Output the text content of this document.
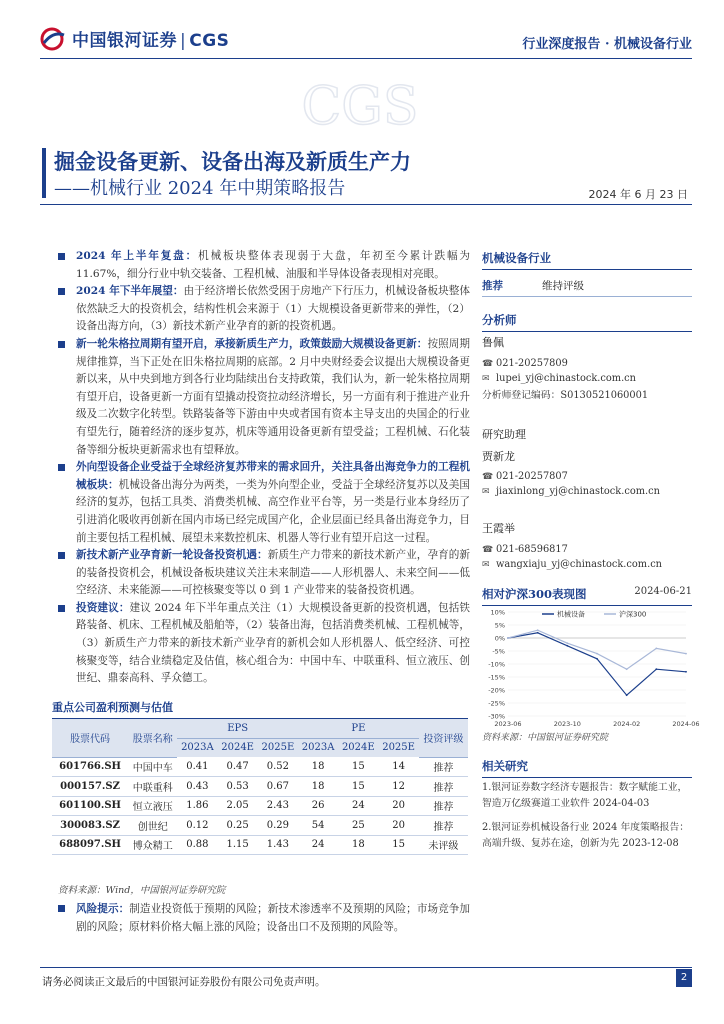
中国银河证券 | CGS	行业深度报告 · 机械设备行业
CGS
掘金设备更新、设备出海及新质生产力
——机械行业 2024 年中期策略报告	2024 年 6 月 23 日

2024 年上半年复盘：机械板块整体表现弱于大盘，年初至今累计跌幅为 11.67%，细分行业中轨交装备、工程机械、油服和半导体设备表现相对亮眼。

2024 年下半年展望：由于经济增长依然受困于房地产下行压力，机械设备板块整体依然缺乏大的投资机会，结构性机会来源于（1）大规模设备更新带来的弹性，（2）设备出海方向，（3）新技术新产业孕育的新的投资机遇。

新一轮朱格拉周期有望开启，承接新质生产力，政策鼓励大规模设备更新：按照周期规律推算，当下正处在旧朱格拉周期的底部。2 月中央财经委会议提出大规模设备更新以来，从中央到地方到各行业均陆续出台支持政策，我们认为，新一轮朱格拉周期有望开启，设备更新一方面有望撬动投资拉动经济增长，另一方面有利于推进产业升级及二次数字化转型。铁路装备等下游由中央或者国有资本主导支出的央国企的行业有望先行，随着经济的逐步复苏，机床等通用设备更新有望受益；工程机械、石化装备等细分板块更新需求也有望释放。

外向型设备企业受益于全球经济复苏带来的需求回升，关注具备出海竞争力的工程机械板块：机械设备出海分为两类，一类为外向型企业，受益于全球经济复苏以及美国经济的复苏，包括工具类、消费类机械、高空作业平台等，另一类是行业本身经历了引进消化吸收再创新在国内市场已经完成国产化，企业层面已经具备出海竞争力，目前主要包括工程机械、展望未来数控机床、机器人等行业有望开启这一过程。

新技术新产业孕育新一轮设备投资机遇：新质生产力带来的新技术新产业，孕育的新的装备投资机会，机械设备板块建议关注未来制造——人形机器人、未来空间——低空经济、未来能源——可控核聚变等以 0 到 1 产业带来的装备投资机遇。

投资建议：建议 2024 年下半年重点关注（1）大规模设备更新的投资机遇，包括铁路装备、机床、工程机械及船舶等，（2）装备出海，包括消费类机械、工程机械等，（3）新质生产力带来的新技术新产业孕育的新机会如人形机器人、低空经济、可控核聚变等，结合业绩稳定及估值，核心组合为：中国中车、中联重科、恒立液压、创世纪、鼎泰高科、孚众德工。

重点公司盈利预测与估值
股票代码	股票名称	EPS			PE			投资评级
		2023A	2024E	2025E	2023A	2024E	2025E	
601766.SH	中国中车	0.41	0.47	0.52	18	15	14	推荐
000157.SZ	中联重科	0.43	0.53	0.67	18	15	12	推荐
601100.SH	恒立液压	1.86	2.05	2.43	26	24	20	推荐
300083.SZ	创世纪	0.12	0.25	0.29	54	25	20	推荐
688097.SH	博众精工	0.88	1.15	1.43	24	18	15	未评级
资料来源：Wind，中国银河证券研究院

风险提示：制造业投资低于预期的风险；新技术渗透率不及预期的风险；市场竞争加剧的风险；原材料价格大幅上涨的风险；设备出口不及预期的风险等。

机械设备行业
推荐	维持评级
分析师
鲁佩
☎ 021-20257809
✉ lupei_yj@chinastock.com.cn
分析师登记编码：S0130521060001
研究助理
贾新龙
☎ 021-20257807
✉ jiaxinlong_yj@chinastock.com.cn
王霞举
☎ 021-68596817
✉ wangxiaju_yj@chinastock.com.cn
相对沪深300表现图	2024-06-21
10%
5%
0%
-5%
-10%
-15%
-20%
-25%
-30%
机械设备	沪深300
2023-06	2023-10	2024-02	2024-06
资料来源：中国银河证券研究院
相关研究
1.银河证券数字经济专题报告：数字赋能工业，智造万亿级赛道工业软件 2024-04-03
2.银河证券机械设备行业 2024 年度策略报告：高端升级、复苏在途，创新为先 2023-12-08
请务必阅读正文最后的中国银河证券股份有限公司免责声明。	2
